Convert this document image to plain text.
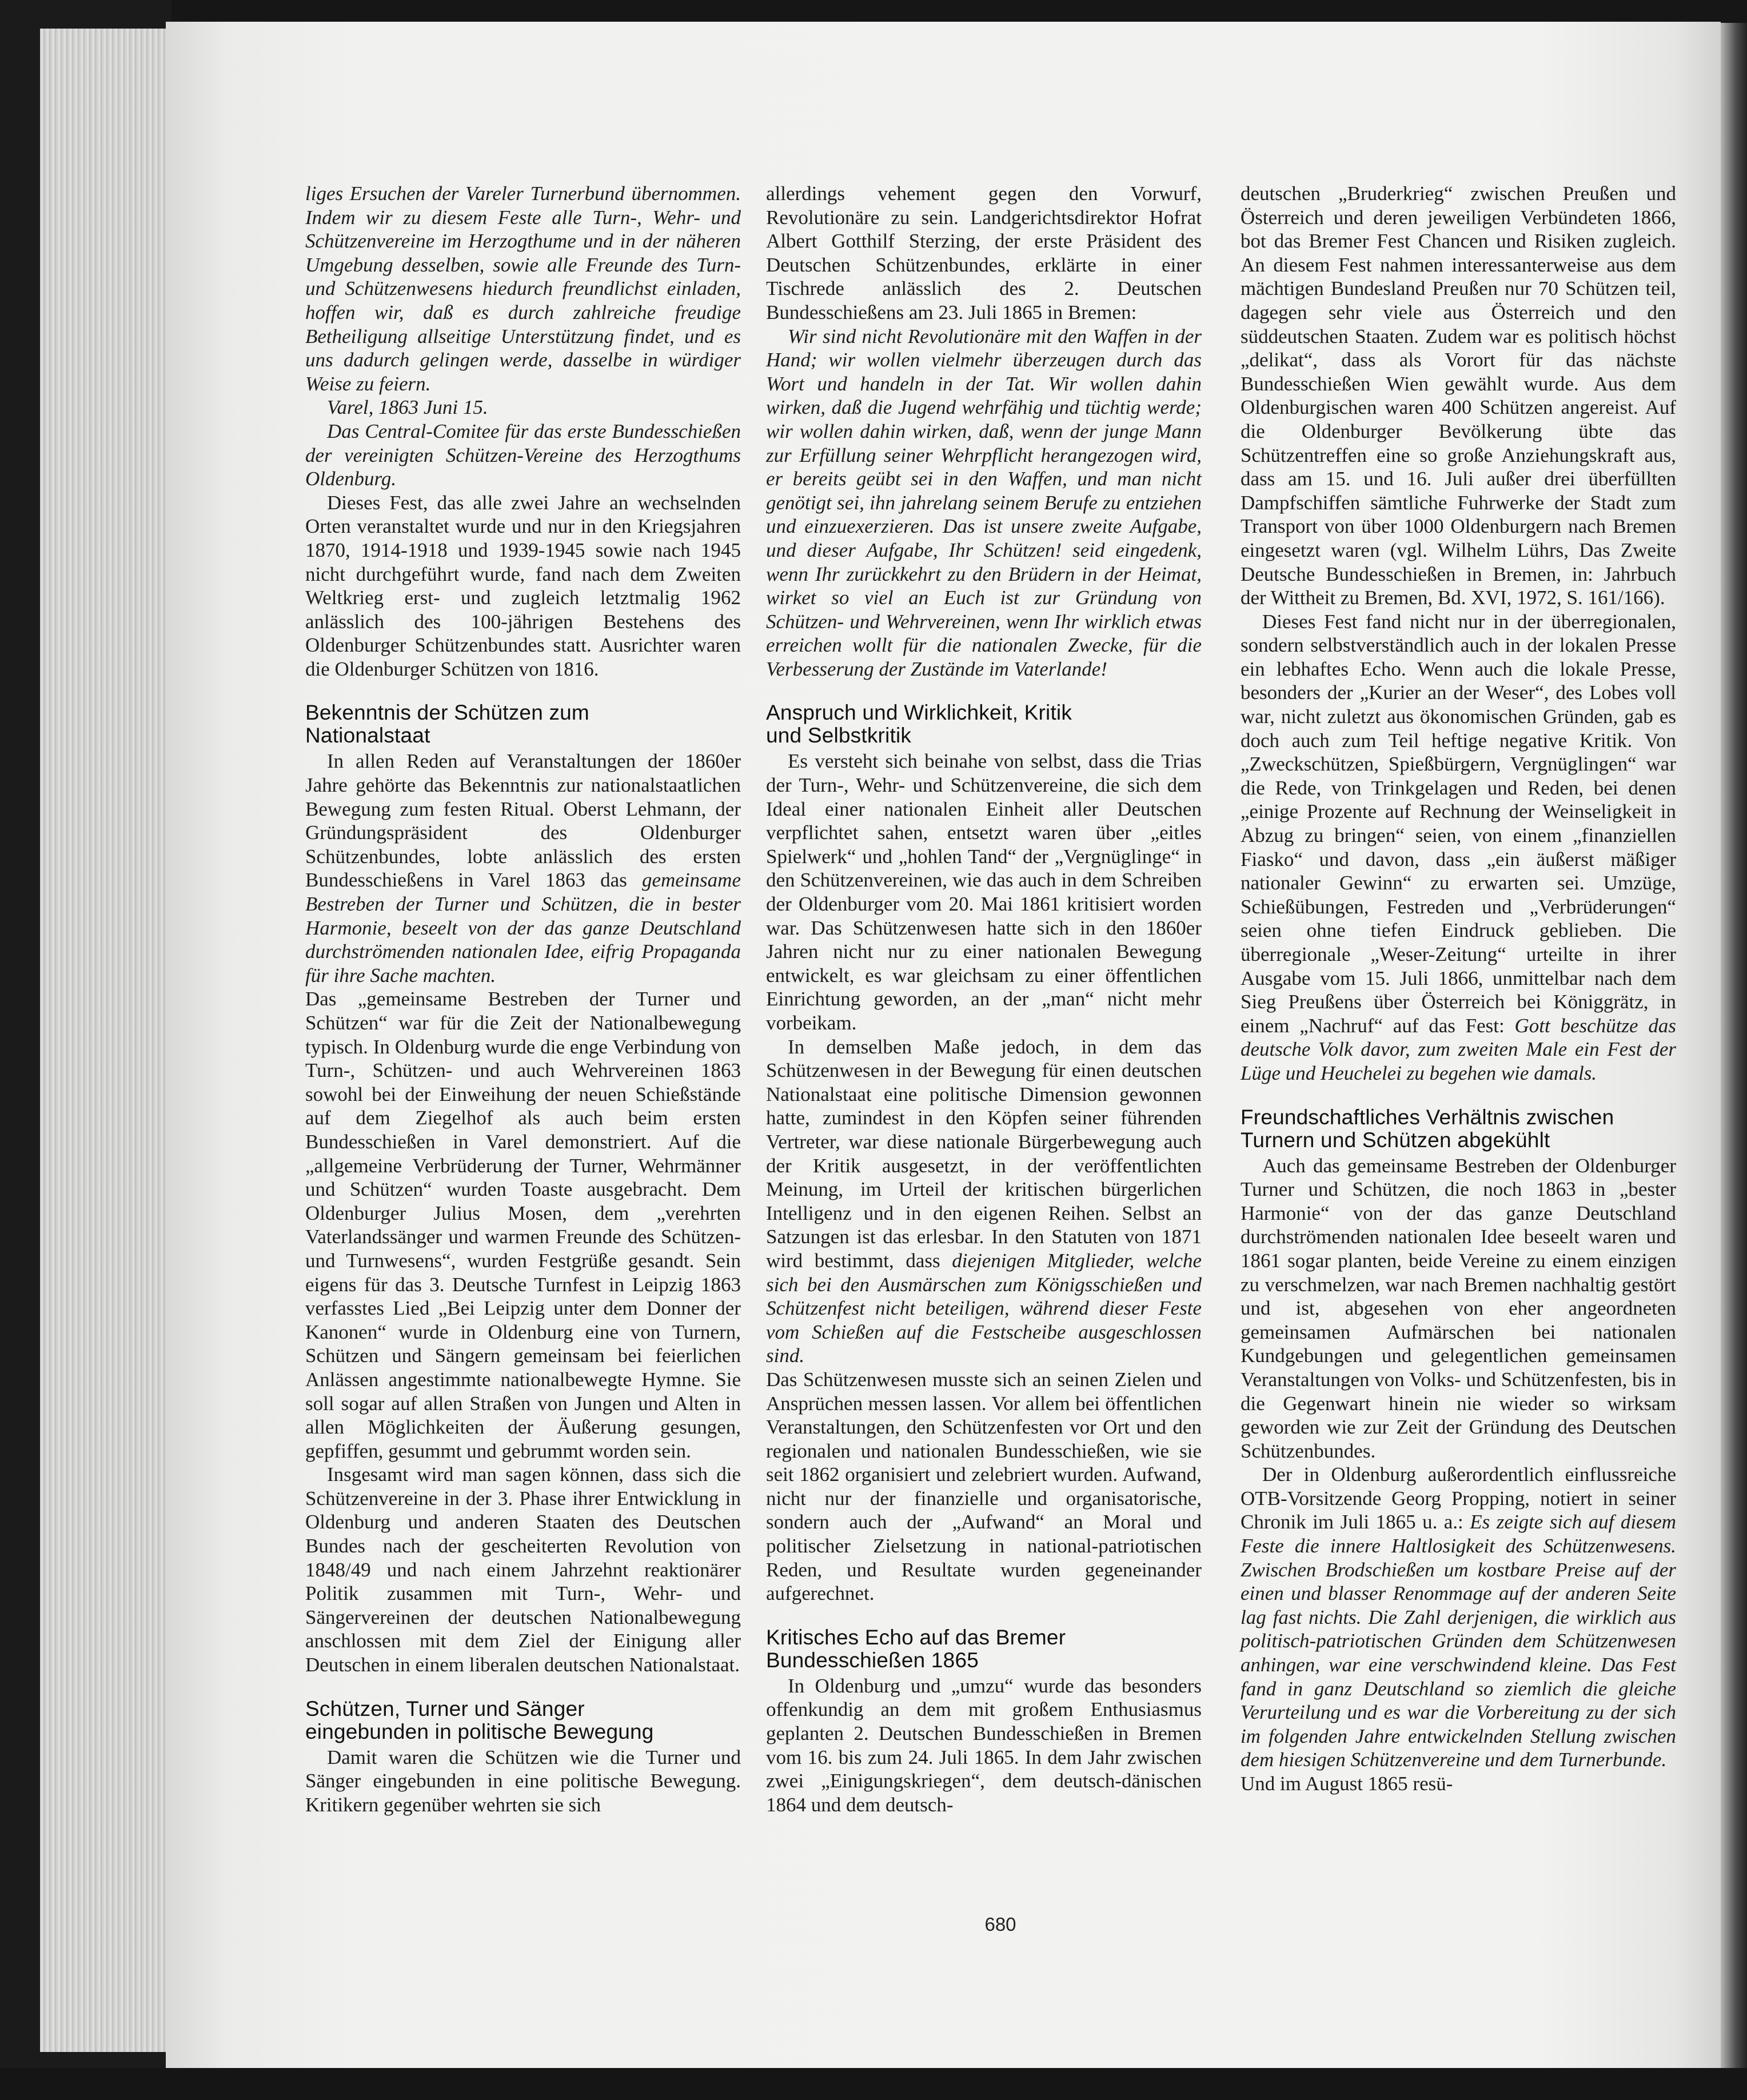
liges Ersuchen der Vareler Turnerbund übernommen. Indem wir zu diesem Feste alle Turn-, Wehr- und Schützenvereine im Herzogthume und in der näheren Umgebung desselben, sowie alle Freunde des Turn- und Schützenwesens hiedurch freundlichst einladen, hoffen wir, daß es durch zahlreiche freudige Betheiligung allseitige Unterstützung findet, und es uns dadurch gelingen werde, dasselbe in würdiger Weise zu feiern.

Varel, 1863 Juni 15.

Das Central-Comitee für das erste Bundesschießen der vereinigten Schützen-Vereine des Herzogthums Oldenburg.

Dieses Fest, das alle zwei Jahre an wechselnden Orten veranstaltet wurde und nur in den Kriegsjahren 1870, 1914-1918 und 1939-1945 sowie nach 1945 nicht durchgeführt wurde, fand nach dem Zweiten Weltkrieg erst- und zugleich letztmalig 1962 anlässlich des 100-jährigen Bestehens des Oldenburger Schützenbundes statt. Ausrichter waren die Oldenburger Schützen von 1816.

Bekenntnis der Schützen zum
Nationalstaat

In allen Reden auf Veranstaltungen der 1860er Jahre gehörte das Bekenntnis zur nationalstaatlichen Bewegung zum festen Ritual. Oberst Lehmann, der Gründungspräsident des Oldenburger Schützenbundes, lobte anlässlich des ersten Bundesschießens in Varel 1863 das gemeinsame Bestreben der Turner und Schützen, die in bester Harmonie, beseelt von der das ganze Deutschland durchströmenden nationalen Idee, eifrig Propaganda für ihre Sache machten.

Das „gemeinsame Bestreben der Turner und Schützen“ war für die Zeit der Nationalbewegung typisch. In Oldenburg wurde die enge Verbindung von Turn-, Schützen- und auch Wehrvereinen 1863 sowohl bei der Einweihung der neuen Schießstände auf dem Ziegelhof als auch beim ersten Bundesschießen in Varel demonstriert. Auf die „allgemeine Verbrüderung der Turner, Wehrmänner und Schützen“ wurden Toaste ausgebracht. Dem Oldenburger Julius Mosen, dem „verehrten Vaterlandssänger und warmen Freunde des Schützen- und Turnwesens“, wurden Festgrüße gesandt. Sein eigens für das 3. Deutsche Turnfest in Leipzig 1863 verfasstes Lied „Bei Leipzig unter dem Donner der Kanonen“ wurde in Oldenburg eine von Turnern, Schützen und Sängern gemeinsam bei feierlichen Anlässen angestimmte nationalbewegte Hymne. Sie soll sogar auf allen Straßen von Jungen und Alten in allen Möglichkeiten der Äußerung gesungen, gepfiffen, gesummt und gebrummt worden sein.

Insgesamt wird man sagen können, dass sich die Schützenvereine in der 3. Phase ihrer Entwicklung in Oldenburg und anderen Staaten des Deutschen Bundes nach der gescheiterten Revolution von 1848/49 und nach einem Jahrzehnt reaktionärer Politik zusammen mit Turn-, Wehr- und Sängervereinen der deutschen Nationalbewegung anschlossen mit dem Ziel der Einigung aller Deutschen in einem liberalen deutschen Nationalstaat.

Schützen, Turner und Sänger
eingebunden in politische Bewegung

Damit waren die Schützen wie die Turner und Sänger eingebunden in eine politische Bewegung. Kritikern gegenüber wehrten sie sich

allerdings vehement gegen den Vorwurf, Revolutionäre zu sein. Landgerichtsdirektor Hofrat Albert Gotthilf Sterzing, der erste Präsident des Deutschen Schützenbundes, erklärte in einer Tischrede anlässlich des 2. Deutschen Bundesschießens am 23. Juli 1865 in Bremen:

Wir sind nicht Revolutionäre mit den Waffen in der Hand; wir wollen vielmehr überzeugen durch das Wort und handeln in der Tat. Wir wollen dahin wirken, daß die Jugend wehrfähig und tüchtig werde; wir wollen dahin wirken, daß, wenn der junge Mann zur Erfüllung seiner Wehrpflicht herangezogen wird, er bereits geübt sei in den Waffen, und man nicht genötigt sei, ihn jahrelang seinem Berufe zu entziehen und einzuexerzieren. Das ist unsere zweite Aufgabe, und dieser Aufgabe, Ihr Schützen! seid eingedenk, wenn Ihr zurückkehrt zu den Brüdern in der Heimat, wirket so viel an Euch ist zur Gründung von Schützen- und Wehrvereinen, wenn Ihr wirklich etwas erreichen wollt für die nationalen Zwecke, für die Verbesserung der Zustände im Vaterlande!

Anspruch und Wirklichkeit, Kritik
und Selbstkritik

Es versteht sich beinahe von selbst, dass die Trias der Turn-, Wehr- und Schützenvereine, die sich dem Ideal einer nationalen Einheit aller Deutschen verpflichtet sahen, entsetzt waren über „eitles Spielwerk“ und „hohlen Tand“ der „Vergnüglinge“ in den Schützenvereinen, wie das auch in dem Schreiben der Oldenburger vom 20. Mai 1861 kritisiert worden war. Das Schützenwesen hatte sich in den 1860er Jahren nicht nur zu einer nationalen Bewegung entwickelt, es war gleichsam zu einer öffentlichen Einrichtung geworden, an der „man“ nicht mehr vorbeikam.

In demselben Maße jedoch, in dem das Schützenwesen in der Bewegung für einen deutschen Nationalstaat eine politische Dimension gewonnen hatte, zumindest in den Köpfen seiner führenden Vertreter, war diese nationale Bürgerbewegung auch der Kritik ausgesetzt, in der veröffentlichten Meinung, im Urteil der kritischen bürgerlichen Intelligenz und in den eigenen Reihen. Selbst an Satzungen ist das erlesbar. In den Statuten von 1871 wird bestimmt, dass diejenigen Mitglieder, welche sich bei den Ausmärschen zum Königsschießen und Schützenfest nicht beteiligen, während dieser Feste vom Schießen auf die Festscheibe ausgeschlossen sind.

Das Schützenwesen musste sich an seinen Zielen und Ansprüchen messen lassen. Vor allem bei öffentlichen Veranstaltungen, den Schützenfesten vor Ort und den regionalen und nationalen Bundesschießen, wie sie seit 1862 organisiert und zelebriert wurden. Aufwand, nicht nur der finanzielle und organisatorische, sondern auch der „Aufwand“ an Moral und politischer Zielsetzung in national-patriotischen Reden, und Resultate wurden gegeneinander aufgerechnet.

Kritisches Echo auf das Bremer
Bundesschießen 1865

In Oldenburg und „umzu“ wurde das besonders offenkundig an dem mit großem Enthusiasmus geplanten 2. Deutschen Bundesschießen in Bremen vom 16. bis zum 24. Juli 1865. In dem Jahr zwischen zwei „Einigungskriegen“, dem deutsch-dänischen 1864 und dem deutsch-

deutschen „Bruderkrieg“ zwischen Preußen und Österreich und deren jeweiligen Verbündeten 1866, bot das Bremer Fest Chancen und Risiken zugleich. An diesem Fest nahmen interessanterweise aus dem mächtigen Bundesland Preußen nur 70 Schützen teil, dagegen sehr viele aus Österreich und den süddeutschen Staaten. Zudem war es politisch höchst „delikat“, dass als Vorort für das nächste Bundesschießen Wien gewählt wurde. Aus dem Oldenburgischen waren 400 Schützen angereist. Auf die Oldenburger Bevölkerung übte das Schützentreffen eine so große Anziehungskraft aus, dass am 15. und 16. Juli außer drei überfüllten Dampfschiffen sämtliche Fuhrwerke der Stadt zum Transport von über 1000 Oldenburgern nach Bremen eingesetzt waren (vgl. Wilhelm Lührs, Das Zweite Deutsche Bundesschießen in Bremen, in: Jahrbuch der Wittheit zu Bremen, Bd. XVI, 1972, S. 161/166).

Dieses Fest fand nicht nur in der überregionalen, sondern selbstverständlich auch in der lokalen Presse ein lebhaftes Echo. Wenn auch die lokale Presse, besonders der „Kurier an der Weser“, des Lobes voll war, nicht zuletzt aus ökonomischen Gründen, gab es doch auch zum Teil heftige negative Kritik. Von „Zweckschützen, Spießbürgern, Vergnüglingen“ war die Rede, von Trinkgelagen und Reden, bei denen „einige Prozente auf Rechnung der Weinseligkeit in Abzug zu bringen“ seien, von einem „finanziellen Fiasko“ und davon, dass „ein äußerst mäßiger nationaler Gewinn“ zu erwarten sei. Umzüge, Schießübungen, Festreden und „Verbrüderungen“ seien ohne tiefen Eindruck geblieben. Die überregionale „Weser-Zeitung“ urteilte in ihrer Ausgabe vom 15. Juli 1866, unmittelbar nach dem Sieg Preußens über Österreich bei Königgrätz, in einem „Nachruf“ auf das Fest: Gott beschütze das deutsche Volk davor, zum zweiten Male ein Fest der Lüge und Heuchelei zu begehen wie damals.

Freundschaftliches Verhältnis zwischen
Turnern und Schützen abgekühlt

Auch das gemeinsame Bestreben der Oldenburger Turner und Schützen, die noch 1863 in „bester Harmonie“ von der das ganze Deutschland durchströmenden nationalen Idee beseelt waren und 1861 sogar planten, beide Vereine zu einem einzigen zu verschmelzen, war nach Bremen nachhaltig gestört und ist, abgesehen von eher angeordneten gemeinsamen Aufmärschen bei nationalen Kundgebungen und gelegentlichen gemeinsamen Veranstaltungen von Volks- und Schützenfesten, bis in die Gegenwart hinein nie wieder so wirksam geworden wie zur Zeit der Gründung des Deutschen Schützenbundes.

Der in Oldenburg außerordentlich einflussreiche OTB-Vorsitzende Georg Propping, notiert in seiner Chronik im Juli 1865 u. a.: Es zeigte sich auf diesem Feste die innere Haltlosigkeit des Schützenwesens. Zwischen Brodschießen um kostbare Preise auf der einen und blasser Renommage auf der anderen Seite lag fast nichts. Die Zahl derjenigen, die wirklich aus politisch-patriotischen Gründen dem Schützenwesen anhingen, war eine verschwindend kleine. Das Fest fand in ganz Deutschland so ziemlich die gleiche Verurteilung und es war die Vorbereitung zu der sich im folgenden Jahre entwickelnden Stellung zwischen dem hiesigen Schützenvereine und dem Turnerbunde.

Und im August 1865 resü-

680
